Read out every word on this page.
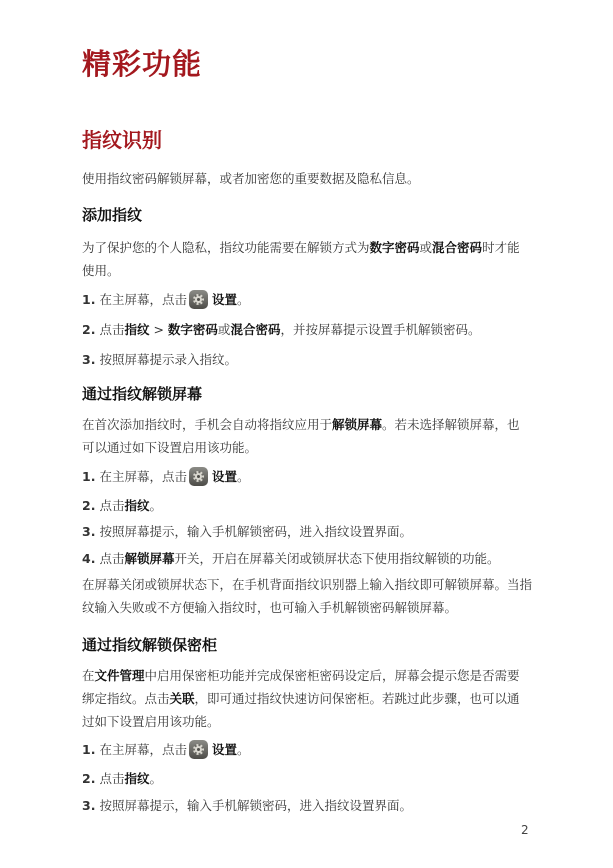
精彩功能
指纹识别
使用指纹密码解锁屏幕，或者加密您的重要数据及隐私信息。
添加指纹
为了保护您的个人隐私，指纹功能需要在解锁方式为数字密码或混合密码时才能使用。
1. 在主屏幕，点击 设置。
2. 点击指纹 > 数字密码或混合密码，并按屏幕提示设置手机解锁密码。
3. 按照屏幕提示录入指纹。
通过指纹解锁屏幕
在首次添加指纹时，手机会自动将指纹应用于解锁屏幕。若未选择解锁屏幕，也可以通过如下设置启用该功能。
1. 在主屏幕，点击 设置。
2. 点击指纹。
3. 按照屏幕提示，输入手机解锁密码，进入指纹设置界面。
4. 点击解锁屏幕开关，开启在屏幕关闭或锁屏状态下使用指纹解锁的功能。
在屏幕关闭或锁屏状态下，在手机背面指纹识别器上输入指纹即可解锁屏幕。当指纹输入失败或不方便输入指纹时，也可输入手机解锁密码解锁屏幕。
通过指纹解锁保密柜
在文件管理中启用保密柜功能并完成保密柜密码设定后，屏幕会提示您是否需要绑定指纹。点击关联，即可通过指纹快速访问保密柜。若跳过此步骤，也可以通过如下设置启用该功能。
1. 在主屏幕，点击 设置。
2. 点击指纹。
3. 按照屏幕提示，输入手机解锁密码，进入指纹设置界面。
2
